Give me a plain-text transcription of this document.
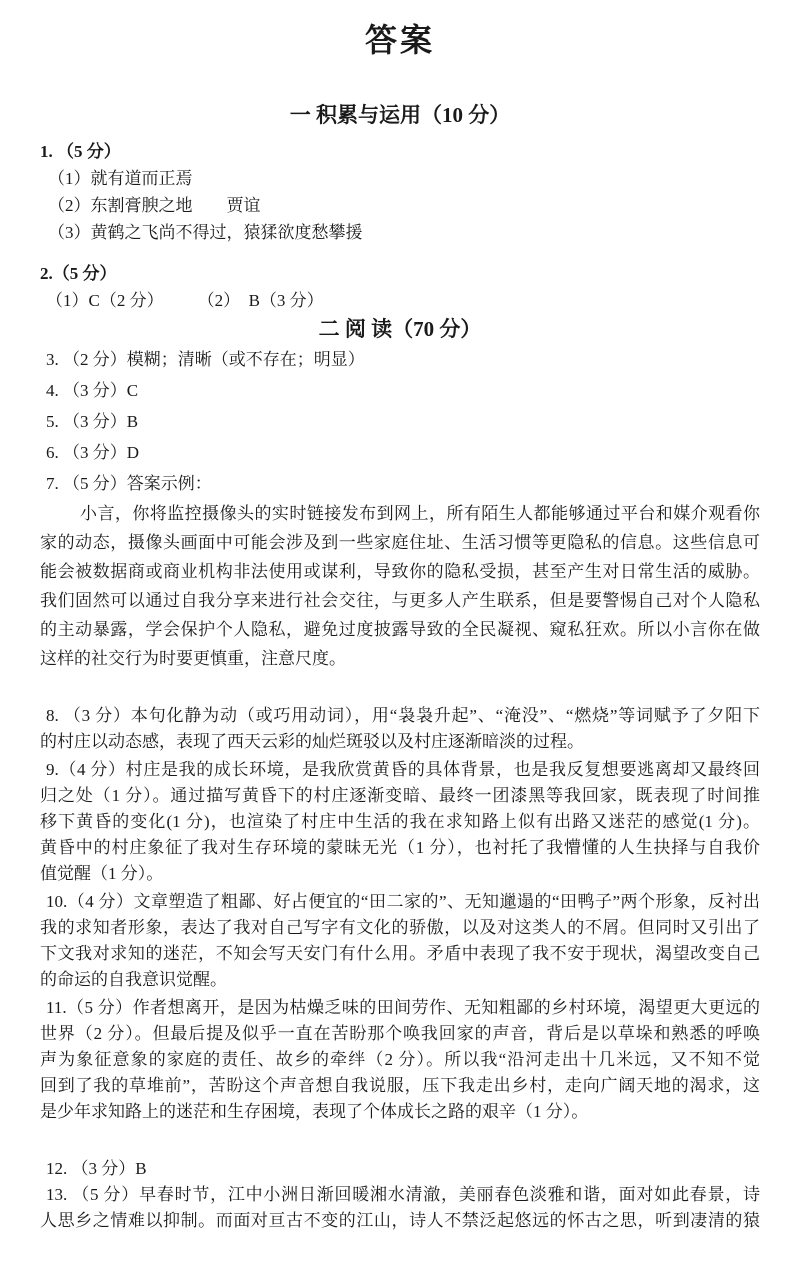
答案
一 积累与运用（10 分）
1. （5 分）
（1）就有道而正焉
（2）东割膏腴之地　　贾谊
（3）黄鹤之飞尚不得过，猿猱欲度愁攀援
2.（5 分）
（1）C（2 分）　　　（2）　B（3 分）
二 阅 读（70 分）
3. （2 分）模糊；清晰（或不存在；明显）
4. （3 分）C
5. （3 分）B
6. （3 分）D
7. （5 分）答案示例：
小言，你将监控摄像头的实时链接发布到网上，所有陌生人都能够通过平台和媒介观看你
家的动态，摄像头画面中可能会涉及到一些家庭住址、生活习惯等更隐私的信息。这些信息可
能会被数据商或商业机构非法使用或谋利，导致你的隐私受损，甚至产生对日常生活的威胁。
我们固然可以通过自我分享来进行社会交往，与更多人产生联系，但是要警惕自己对个人隐私
的主动暴露，学会保护个人隐私，避免过度披露导致的全民凝视、窥私狂欢。所以小言你在做
这样的社交行为时要更慎重，注意尺度。
8. （3 分）本句化静为动（或巧用动词），用“袅袅升起”、“淹没”、“燃烧”等词赋予了夕阳下
的村庄以动态感，表现了西天云彩的灿烂斑驳以及村庄逐渐暗淡的过程。
9.（4 分）村庄是我的成长环境，是我欣赏黄昏的具体背景，也是我反复想要逃离却又最终回
归之处（1 分）。通过描写黄昏下的村庄逐渐变暗、最终一团漆黑等我回家，既表现了时间推
移下黄昏的变化(1 分)，也渲染了村庄中生活的我在求知路上似有出路又迷茫的感觉(1 分)。
黄昏中的村庄象征了我对生存环境的蒙昧无光（1 分），也衬托了我懵懂的人生抉择与自我价
值觉醒（1 分）。
10.（4 分）文章塑造了粗鄙、好占便宜的“田二家的”、无知邋遢的“田鸭子”两个形象，反衬出
我的求知者形象，表达了我对自己写字有文化的骄傲，以及对这类人的不屑。但同时又引出了
下文我对求知的迷茫，不知会写天安门有什么用。矛盾中表现了我不安于现状，渴望改变自己
的命运的自我意识觉醒。
11.（5 分）作者想离开，是因为枯燥乏味的田间劳作、无知粗鄙的乡村环境，渴望更大更远的
世界（2 分）。但最后提及似乎一直在苦盼那个唤我回家的声音，背后是以草垛和熟悉的呼唤
声为象征意象的家庭的责任、故乡的牵绊（2 分）。所以我“沿河走出十几米远，又不知不觉
回到了我的草堆前”，苦盼这个声音想自我说服，压下我走出乡村，走向广阔天地的渴求，这
是少年求知路上的迷茫和生存困境，表现了个体成长之路的艰辛（1 分）。
12. （3 分）B
13. （5 分）早春时节，江中小洲日渐回暖湘水清澈，美丽春色淡雅和谐，面对如此春景，诗
人思乡之情难以抑制。而面对亘古不变的江山，诗人不禁泛起悠远的怀古之思，听到凄清的猿
